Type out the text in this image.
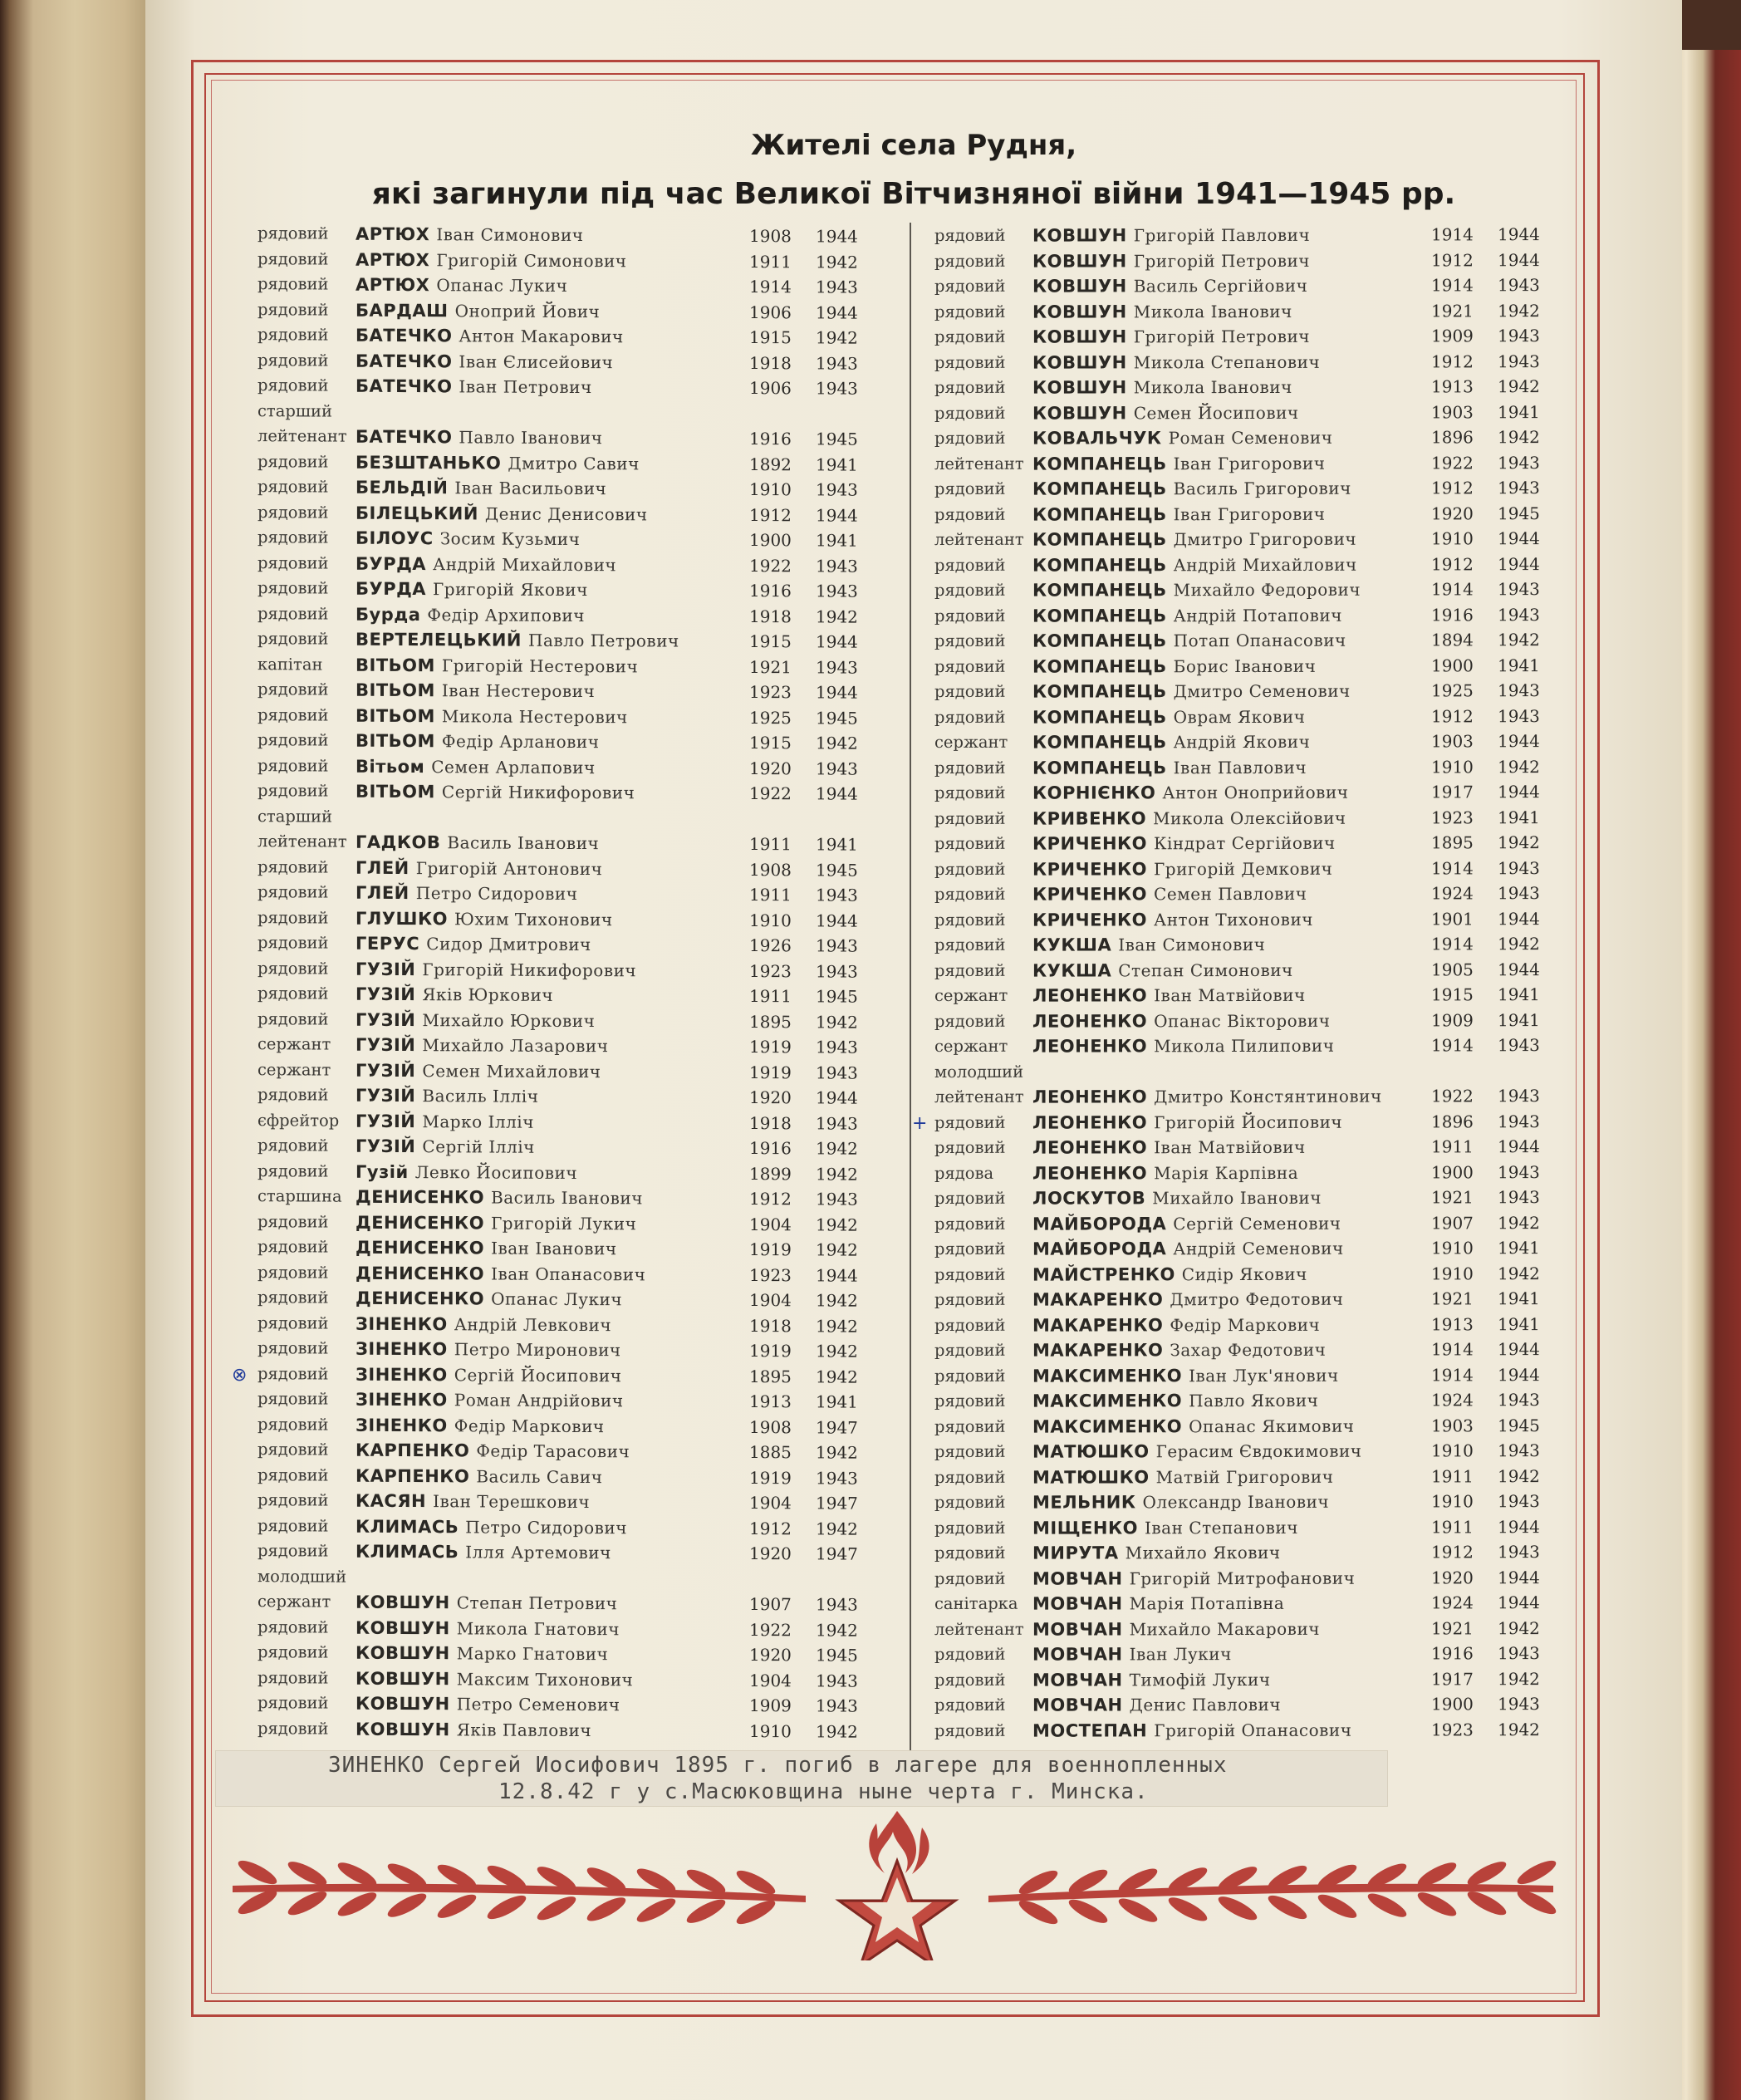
Жителі села Рудня,
які загинули під час Великої Вітчизняної війни 1941—1945 рр.
рядовий	АРТЮХ Іван Симонович	1908 1944
рядовий	АРТЮХ Григорій Симонович	1911 1942
рядовий	АРТЮХ Опанас Лукич	1914 1943
рядовий	БАРДАШ Оноприй Йович	1906 1944
рядовий	БАТЕЧКО Антон Макарович	1915 1942
рядовий	БАТЕЧКО Іван Єлисейович	1918 1943
рядовий	БАТЕЧКО Іван Петрович	1906 1943
старший
лейтенант БАТЕЧКО Павло Іванович	1916 1945
рядовий	БЕЗШТАНЬКО Дмитро Савич	1892 1941
рядовий	БЕЛЬДІЙ Іван Васильович	1910 1943
рядовий	БІЛЕЦЬКИЙ Денис Денисович	1912 1944
рядовий	БІЛОУС Зосим Кузьмич	1900 1941
рядовий	БУРДА Андрій Михайлович	1922 1943
рядовий	БУРДА Григорій Якович	1916 1943
рядовий	Бурда Федір Архипович	1918 1942
рядовий	ВЕРТЕЛЕЦЬКИЙ Павло Петрович	1915 1944
капітан	ВІТЬОМ Григорій Нестерович	1921 1943
рядовий	ВІТЬОМ Іван Нестерович	1923 1944
рядовий	ВІТЬОМ Микола Нестерович	1925 1945
рядовий	ВІТЬОМ Федір Арланович	1915 1942
рядовий	Вітьом Семен Арлапович	1920 1943
рядовий	ВІТЬОМ Сергій Никифорович	1922 1944
старший
лейтенант ГАДКОВ Василь Іванович	1911 1941
рядовий	ГЛЕЙ Григорій Антонович	1908 1945
рядовий	ГЛЕЙ Петро Сидорович	1911 1943
рядовий	ГЛУШКО Юхим Тихонович	1910 1944
рядовий	ГЕРУС Сидор Дмитрович	1926 1943
рядовий	ГУЗІЙ Григорій Никифорович	1923 1943
рядовий	ГУЗІЙ Яків Юркович	1911 1945
рядовий	ГУЗІЙ Михайло Юркович	1895 1942
сержант	ГУЗІЙ Михайло Лазарович	1919 1943
сержант	ГУЗІЙ Семен Михайлович	1919 1943
рядовий	ГУЗІЙ Василь Ілліч	1920 1944
єфрейтор ГУЗІЙ Марко Ілліч	1918 1943
рядовий	ГУЗІЙ Сергій Ілліч	1916 1942
рядовий	Гузій Левко Йосипович	1899 1942
старшина ДЕНИСЕНКО Василь Іванович	1912 1943
рядовий	ДЕНИСЕНКО Григорій Лукич	1904 1942
рядовий	ДЕНИСЕНКО Іван Іванович	1919 1942
рядовий	ДЕНИСЕНКО Іван Опанасович	1923 1944
рядовий	ДЕНИСЕНКО Опанас Лукич	1904 1942
рядовий	ЗІНЕНКО Андрій Левкович	1918 1942
рядовий	ЗІНЕНКО Петро Миронович	1919 1942
рядовий	ЗІНЕНКО Сергій Йосипович	1895 1942
рядовий	ЗІНЕНКО Роман Андрійович	1913 1941
рядовий	ЗІНЕНКО Федір Маркович	1908 1947
рядовий	КАРПЕНКО Федір Тарасович	1885 1942
рядовий	КАРПЕНКО Василь Савич	1919 1943
рядовий	КАСЯН Іван Терешкович	1904 1947
рядовий	КЛИМАСЬ Петро Сидорович	1912 1942
рядовий	КЛИМАСЬ Ілля Артемович	1920 1947
молодший
сержант	КОВШУН Степан Петрович	1907 1943
рядовий	КОВШУН Микола Гнатович	1922 1942
рядовий	КОВШУН Марко Гнатович	1920 1945
рядовий	КОВШУН Максим Тихонович	1904 1943
рядовий	КОВШУН Петро Семенович	1909 1943
рядовий	КОВШУН Яків Павлович	1910 1942
рядовий	КОВШУН Григорій Павлович	1914 1944
рядовий	КОВШУН Григорій Петрович	1912 1944
рядовий	КОВШУН Василь Сергійович	1914 1943
рядовий	КОВШУН Микола Іванович	1921 1942
рядовий	КОВШУН Григорій Петрович	1909 1943
рядовий	КОВШУН Микола Степанович	1912 1943
рядовий	КОВШУН Микола Іванович	1913 1942
рядовий	КОВШУН Семен Йосипович	1903 1941
рядовий	КОВАЛЬЧУК Роман Семенович	1896 1942
лейтенант КОМПАНЕЦЬ Іван Григорович	1922 1943
рядовий	КОМПАНЕЦЬ Василь Григорович	1912 1943
рядовий	КОМПАНЕЦЬ Іван Григорович	1920 1945
лейтенант КОМПАНЕЦЬ Дмитро Григорович	1910 1944
рядовий	КОМПАНЕЦЬ Андрій Михайлович	1912 1944
рядовий	КОМПАНЕЦЬ Михайло Федорович	1914 1943
рядовий	КОМПАНЕЦЬ Андрій Потапович	1916 1943
рядовий	КОМПАНЕЦЬ Потап Опанасович	1894 1942
рядовий	КОМПАНЕЦЬ Борис Іванович	1900 1941
рядовий	КОМПАНЕЦЬ Дмитро Семенович	1925 1943
рядовий	КОМПАНЕЦЬ Оврам Якович	1912 1943
сержант	КОМПАНЕЦЬ Андрій Якович	1903 1944
рядовий	КОМПАНЕЦЬ Іван Павлович	1910 1942
рядовий	КОРНІЄНКО Антон Оноприйович	1917 1944
рядовий	КРИВЕНКО Микола Олексійович	1923 1941
рядовий	КРИЧЕНКО Кіндрат Сергійович	1895 1942
рядовий	КРИЧЕНКО Григорій Демкович	1914 1943
рядовий	КРИЧЕНКО Семен Павлович	1924 1943
рядовий	КРИЧЕНКО Антон Тихонович	1901 1944
рядовий	КУКША Іван Симонович	1914 1942
рядовий	КУКША Степан Симонович	1905 1944
сержант	ЛЕОНЕНКО Іван Матвійович	1915 1941
рядовий	ЛЕОНЕНКО Опанас Вікторович	1909 1941
сержант	ЛЕОНЕНКО Микола Пилипович	1914 1943
молодший
лейтенант ЛЕОНЕНКО Дмитро Констянтинович	1922 1943
рядовий	ЛЕОНЕНКО Григорій Йосипович	1896 1943
рядовий	ЛЕОНЕНКО Іван Матвійович	1911 1944
рядова	ЛЕОНЕНКО Марія Карпівна	1900 1943
рядовий	ЛОСКУТОВ Михайло Іванович	1921 1943
рядовий	МАЙБОРОДА Сергій Семенович	1907 1942
рядовий	МАЙБОРОДА Андрій Семенович	1910 1941
рядовий	МАЙСТРЕНКО Сидір Якович	1910 1942
рядовий	МАКАРЕНКО Дмитро Федотович	1921 1941
рядовий	МАКАРЕНКО Федір Маркович	1913 1941
рядовий	МАКАРЕНКО Захар Федотович	1914 1944
рядовий	МАКСИМЕНКО Іван Лук'янович	1914 1944
рядовий	МАКСИМЕНКО Павло Якович	1924 1943
рядовий	МАКСИМЕНКО Опанас Якимович	1903 1945
рядовий	МАТЮШКО Герасим Євдокимович	1910 1943
рядовий	МАТЮШКО Матвій Григорович	1911 1942
рядовий	МЕЛЬНИК Олександр Іванович	1910 1943
рядовий	МІЩЕНКО Іван Степанович	1911 1944
рядовий	МИРУТА Михайло Якович	1912 1943
рядовий	МОВЧАН Григорій Митрофанович	1920 1944
санітарка МОВЧАН Марія Потапівна	1924 1944
лейтенант МОВЧАН Михайло Макарович	1921 1942
рядовий	МОВЧАН Іван Лукич	1916 1943
рядовий	МОВЧАН Тимофій Лукич	1917 1942
рядовий	МОВЧАН Денис Павлович	1900 1943
рядовий	МОСТЕПАН Григорій Опанасович	1923 1942
⊗
+
ЗИНЕНКО Сергей Иосифович 1895 г. погиб в лагере для военнопленных
12.8.42 г у с.Масюковщина ныне черта г. Минска.
